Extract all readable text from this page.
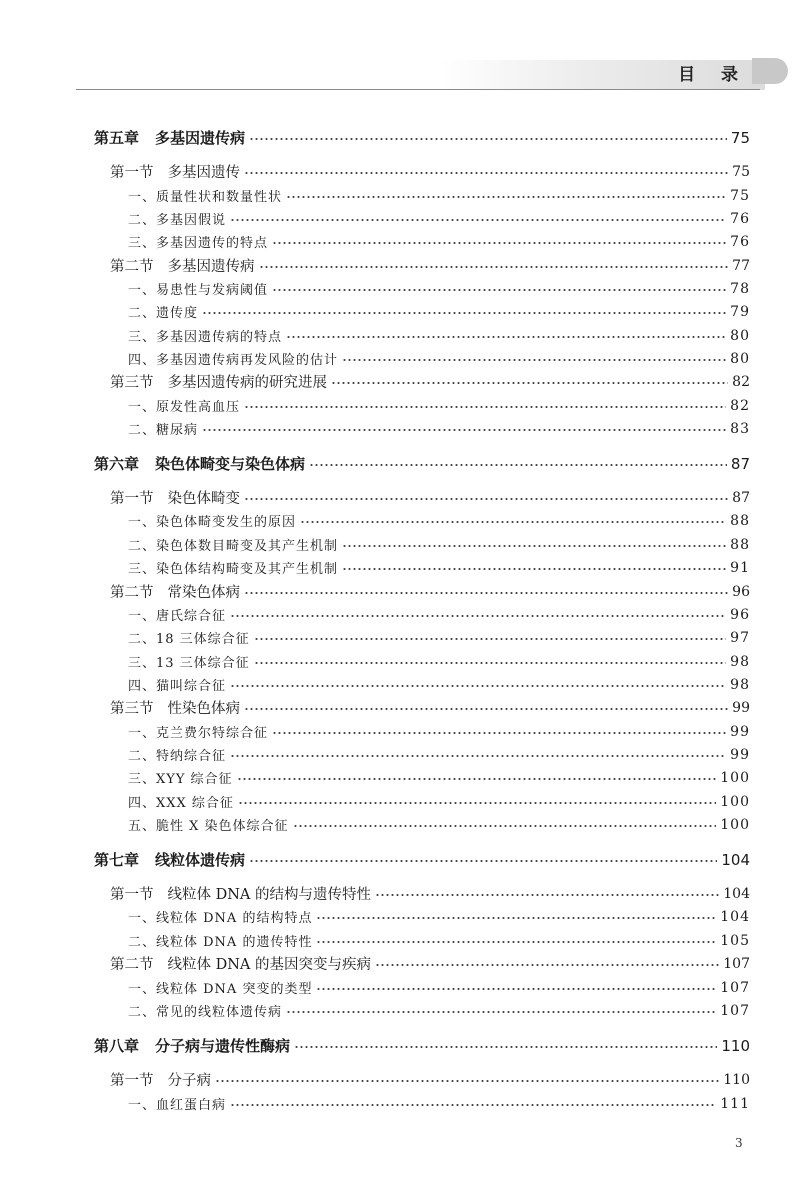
目 录
第五章 多基因遗传病	75
第一节 多基因遗传	75
一、质量性状和数量性状	75
二、多基因假说	76
三、多基因遗传的特点	76
第二节 多基因遗传病	77
一、易患性与发病阈值	78
二、遗传度	79
三、多基因遗传病的特点	80
四、多基因遗传病再发风险的估计	80
第三节 多基因遗传病的研究进展	82
一、原发性高血压	82
二、糖尿病	83
第六章 染色体畸变与染色体病	87
第一节 染色体畸变	87
一、染色体畸变发生的原因	88
二、染色体数目畸变及其产生机制	88
三、染色体结构畸变及其产生机制	91
第二节 常染色体病	96
一、唐氏综合征	96
二、18 三体综合征	97
三、13 三体综合征	98
四、猫叫综合征	98
第三节 性染色体病	99
一、克兰费尔特综合征	99
二、特纳综合征	99
三、XYY 综合征	100
四、XXX 综合征	100
五、脆性 X 染色体综合征	100
第七章 线粒体遗传病	104
第一节 线粒体 DNA 的结构与遗传特性	104
一、线粒体 DNA 的结构特点	104
二、线粒体 DNA 的遗传特性	105
第二节 线粒体 DNA 的基因突变与疾病	107
一、线粒体 DNA 突变的类型	107
二、常见的线粒体遗传病	107
第八章 分子病与遗传性酶病	110
第一节 分子病	110
一、血红蛋白病	111
3
